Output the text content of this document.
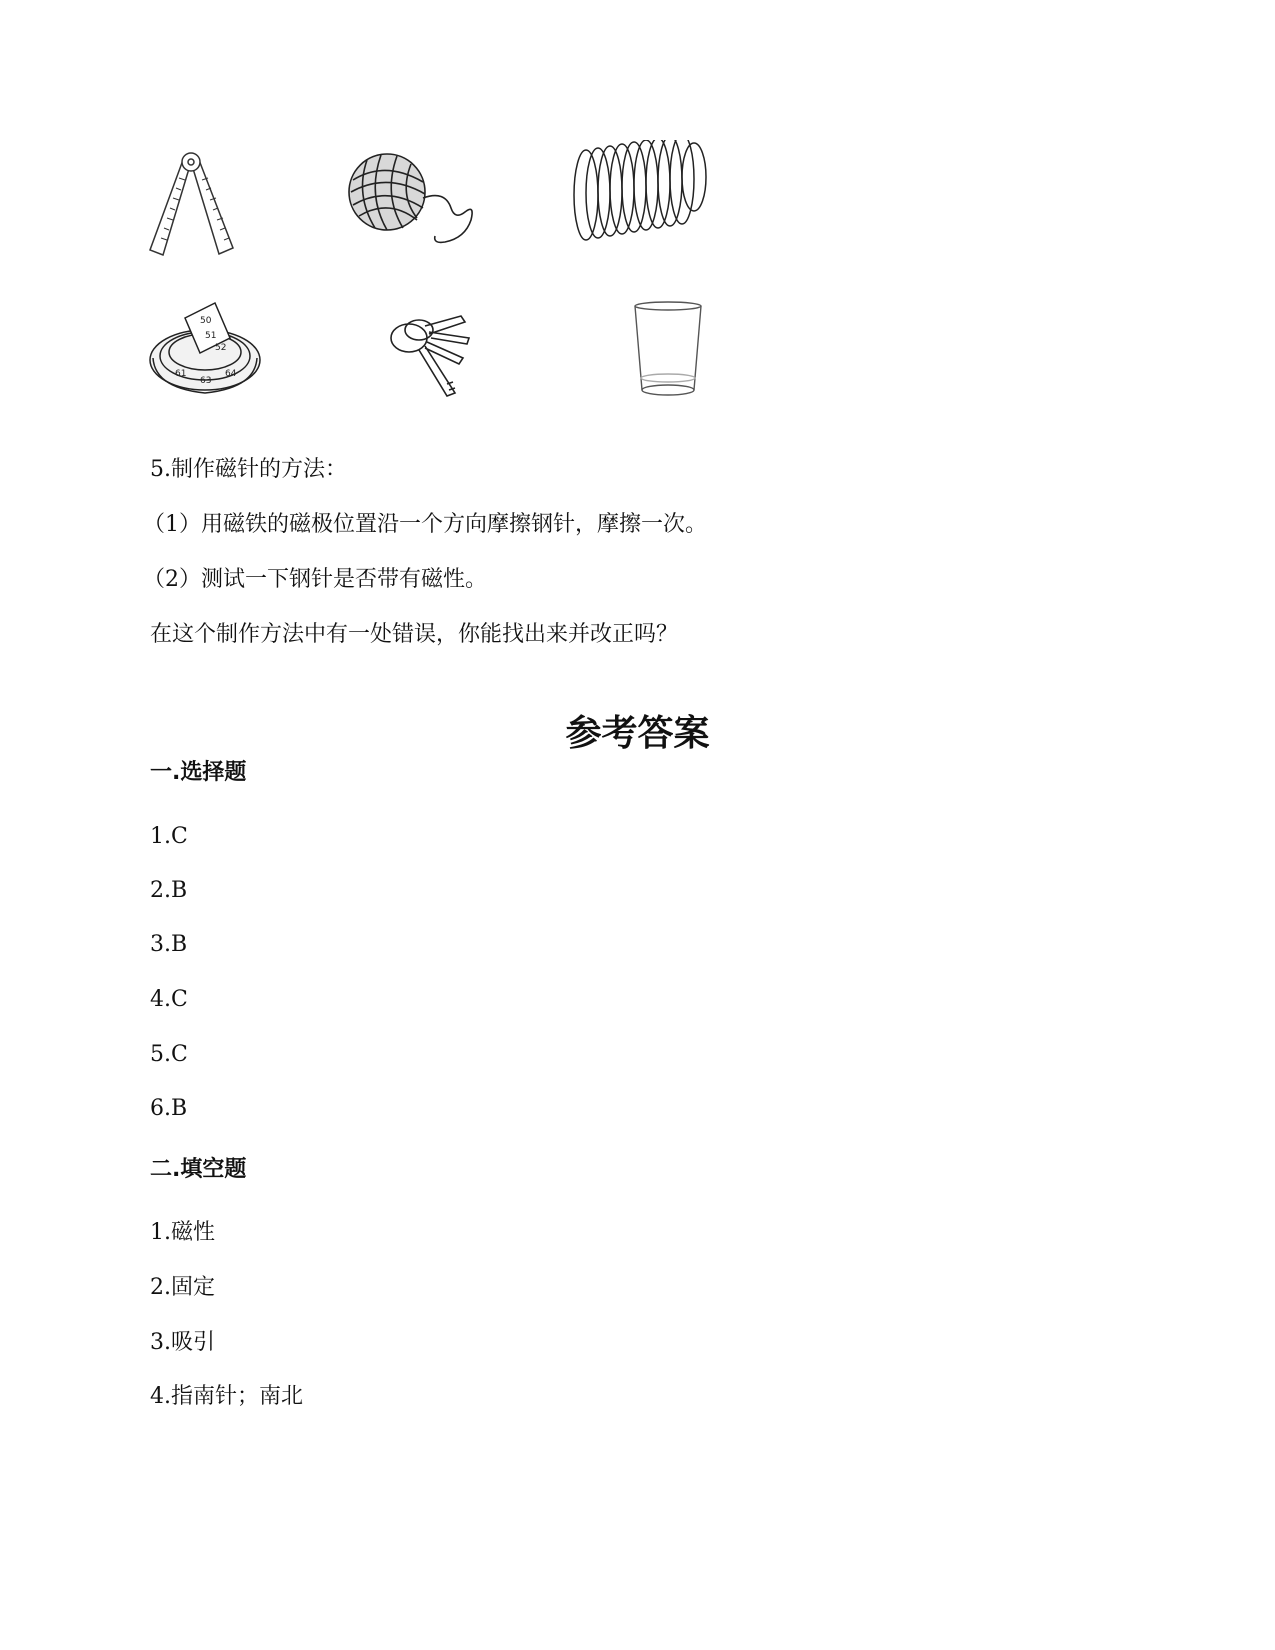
50
51
52
61
63
64
5.制作磁针的方法：
（1）用磁铁的磁极位置沿一个方向摩擦钢针，摩擦一次。
（2）测试一下钢针是否带有磁性。
在这个制作方法中有一处错误，你能找出来并改正吗？
参考答案
一.选择题
1.C
2.B
3.B
4.C
5.C
6.B
二.填空题
1.磁性
2.固定
3.吸引
4.指南针；南北
